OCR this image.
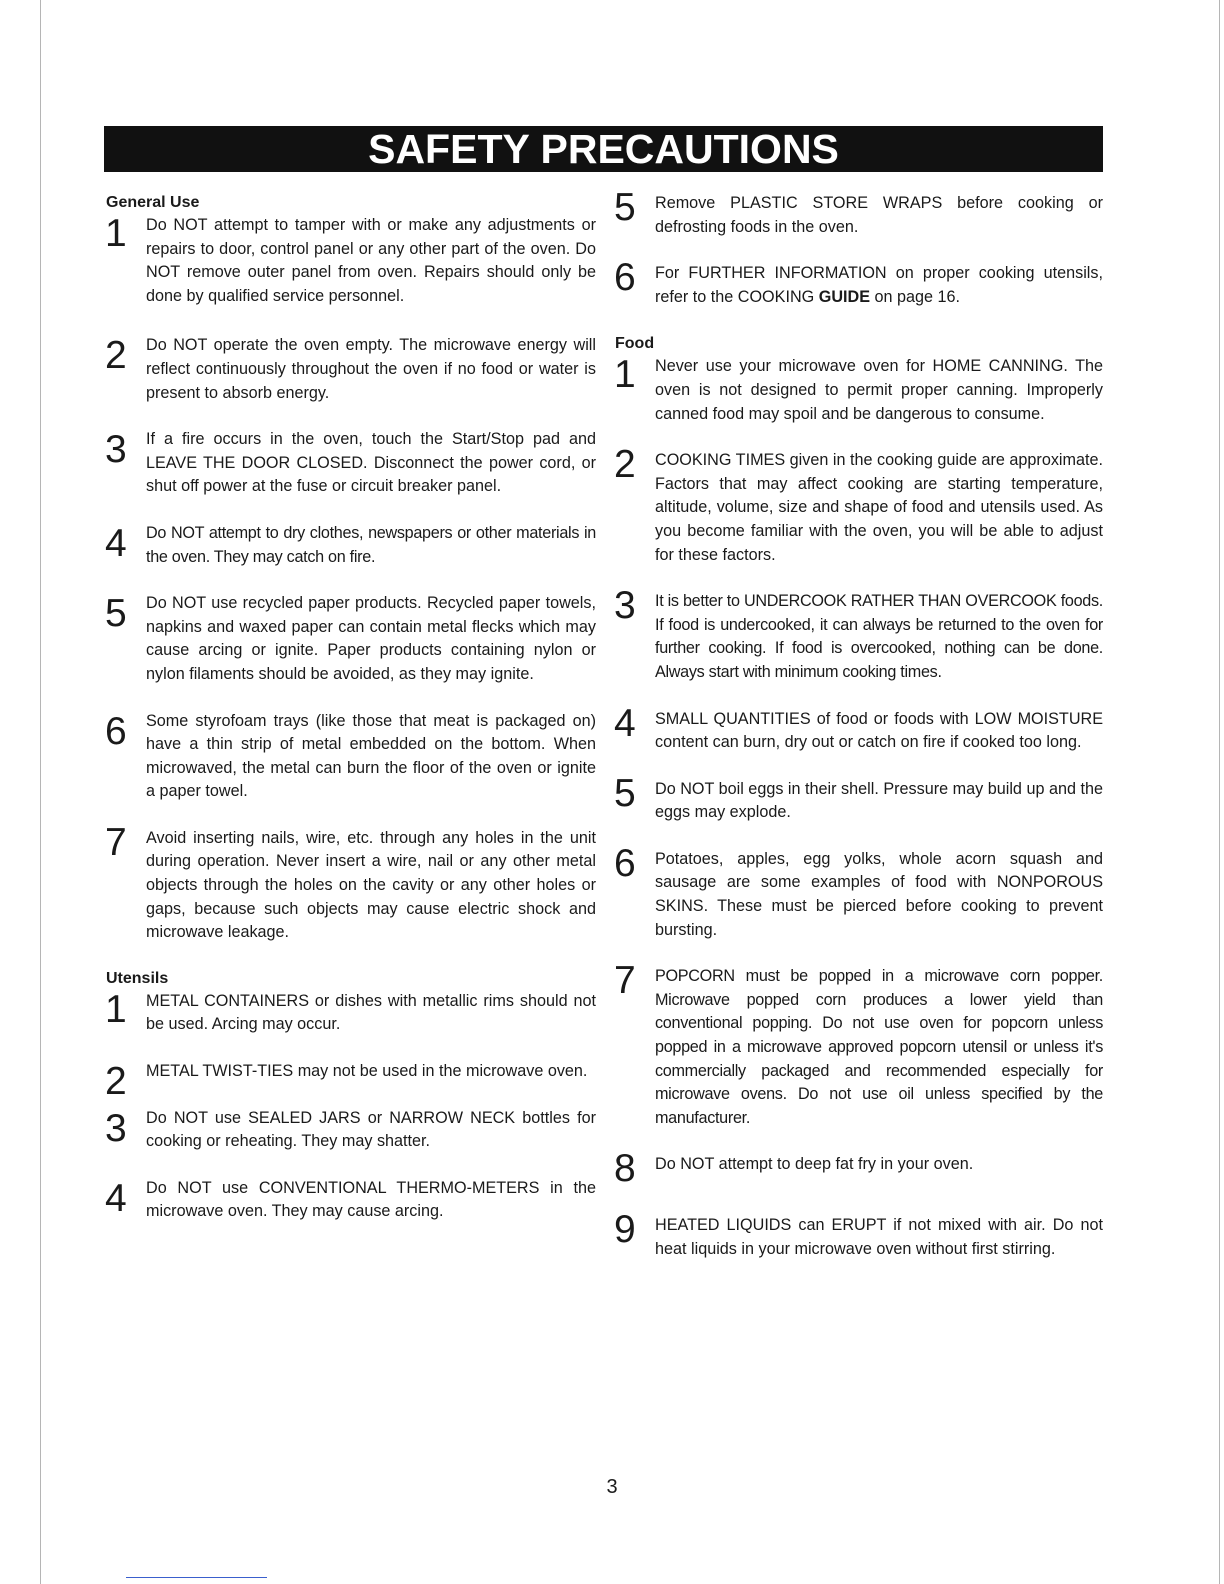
SAFETY PRECAUTIONS
General Use
1	Do NOT attempt to tamper with or make any adjustments or repairs to door, control panel or any other part of the oven. Do NOT remove outer panel from oven. Repairs should only be done by qualified service personnel.
2	Do NOT operate the oven empty. The microwave energy will reflect continuously throughout the oven if no food or water is present to absorb energy.
3	If a fire occurs in the oven, touch the Start/Stop pad and LEAVE THE DOOR CLOSED. Disconnect the power cord, or shut off power at the fuse or circuit breaker panel.
4	Do NOT attempt to dry clothes, newspapers or other materials in the oven. They may catch on fire.
5	Do NOT use recycled paper products. Recycled paper towels, napkins and waxed paper can contain metal flecks which may cause arcing or ignite. Paper products containing nylon or nylon filaments should be avoided, as they may ignite.
6	Some styrofoam trays (like those that meat is packaged on) have a thin strip of metal embedded on the bottom. When microwaved, the metal can burn the floor of the oven or ignite a paper towel.
7	Avoid inserting nails, wire, etc. through any holes in the unit during operation. Never insert a wire, nail or any other metal objects through the holes on the cavity or any other holes or gaps, because such objects may cause electric shock and microwave leakage.
Utensils
1	METAL CONTAINERS or dishes with metallic rims should not be used. Arcing may occur.
2	METAL TWIST-TIES may not be used in the microwave oven.
3	Do NOT use SEALED JARS or NARROW NECK bottles for cooking or reheating. They may shatter.
4	Do NOT use CONVENTIONAL THERMO-METERS in the microwave oven. They may cause arcing.
5	Remove PLASTIC STORE WRAPS before cooking or defrosting foods in the oven.
6	For FURTHER INFORMATION on proper cooking utensils, refer to the COOKING GUIDE on page 16.
Food
1	Never use your microwave oven for HOME CANNING. The oven is not designed to permit proper canning. Improperly canned food may spoil and be dangerous to consume.
2	COOKING TIMES given in the cooking guide are approximate. Factors that may affect cooking are starting temperature, altitude, volume, size and shape of food and utensils used. As you become familiar with the oven, you will be able to adjust for these factors.
3	It is better to UNDERCOOK RATHER THAN OVERCOOK foods. If food is undercooked, it can always be returned to the oven for further cooking. If food is overcooked, nothing can be done. Always start with minimum cooking times.
4	SMALL QUANTITIES of food or foods with LOW MOISTURE content can burn, dry out or catch on fire if cooked too long.
5	Do NOT boil eggs in their shell. Pressure may build up and the eggs may explode.
6	Potatoes, apples, egg yolks, whole acorn squash and sausage are some examples of food with NONPOROUS SKINS. These must be pierced before cooking to prevent bursting.
7	POPCORN must be popped in a microwave corn popper. Microwave popped corn produces a lower yield than conventional popping. Do not use oven for popcorn unless popped in a microwave approved popcorn utensil or unless it's commercially packaged and recommended especially for microwave ovens. Do not use oil unless specified by the manufacturer.
8	Do NOT attempt to deep fat fry in your oven.
9	HEATED LIQUIDS can ERUPT if not mixed with air. Do not heat liquids in your microwave oven without first stirring.
3
